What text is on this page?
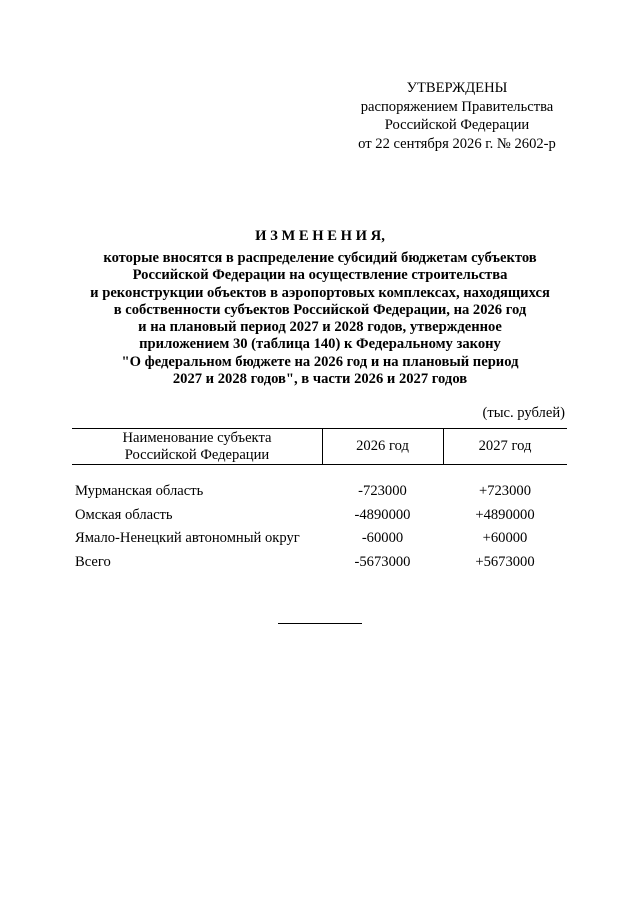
УТВЕРЖДЕНЫ
распоряжением Правительства
Российской Федерации
от 22 сентября 2026 г. № 2602-р
И З М Е Н Е Н И Я,
которые вносятся в распределение субсидий бюджетам субъектов
Российской Федерации на осуществление строительства
и реконструкции объектов в аэропортовых комплексах, находящихся
в собственности субъектов Российской Федерации, на 2026 год
и на плановый период 2027 и 2028 годов, утвержденное
приложением 30 (таблица 140) к Федеральному закону
"О федеральном бюджете на 2026 год и на плановый период
2027 и 2028 годов", в части 2026 и 2027 годов
(тыс. рублей)
Наименование субъекта
Российской Федерации
2026 год	2027 год
Мурманская область	-723000	+723000
Омская область	-4890000	+4890000
Ямало-Ненецкий автономный округ	-60000	+60000
Всего	-5673000	+5673000
